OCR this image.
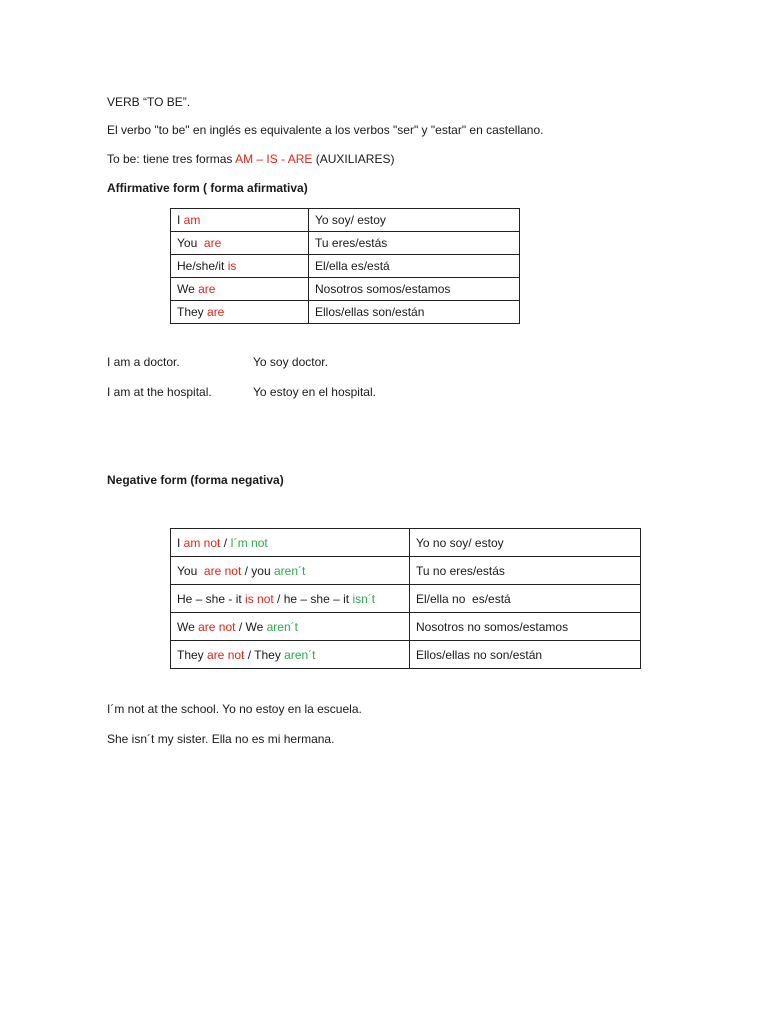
VERB “TO BE”.
El verbo "to be" en inglés es equivalente a los verbos "ser" y "estar" en castellano.
To be: tiene tres formas AM – IS - ARE (AUXILIARES)
Affirmative form ( forma afirmativa)
I am	Yo soy/ estoy
You  are	Tu eres/estás
He/she/it is	El/ella es/está
We are	Nosotros somos/estamos
They are	Ellos/ellas son/están
I am a doctor.	Yo soy doctor.
I am at the hospital.	Yo estoy en el hospital.
Negative form (forma negativa)
I am not / I´m not	Yo no soy/ estoy
You  are not / you aren´t	Tu no eres/estás
He – she - it is not / he – she – it isn´t	El/ella no  es/está
We are not / We aren´t	Nosotros no somos/estamos
They are not / They aren´t	Ellos/ellas no son/están
I´m not at the school. Yo no estoy en la escuela.
She isn´t my sister. Ella no es mi hermana.
